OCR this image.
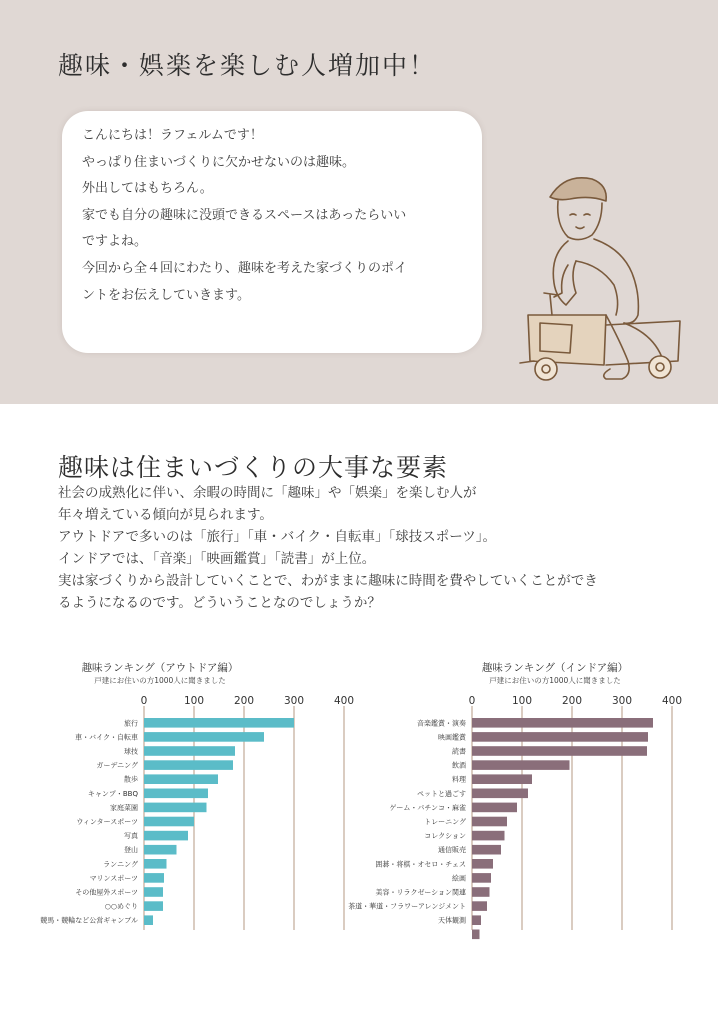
趣味・娯楽を楽しむ人増加中！
こんにちは！ラフェルムです！
やっぱり住まいづくりに欠かせないのは趣味。
外出してはもちろん。
家でも自分の趣味に没頭できるスペースはあったらいい
ですよね。
今回から全４回にわたり、趣味を考えた家づくりのポイ
ントをお伝えしていきます。
趣味は住まいづくりの大事な要素
社会の成熟化に伴い、余暇の時間に「趣味」や「娯楽」を楽しむ人が
年々増えている傾向が見られます。
アウトドアで多いのは「旅行」「車・バイク・自転車」「球技スポーツ」。
インドアでは、「音楽」「映画鑑賞」「読書」が上位。
実は家づくりから設計していくことで、わがままに趣味に時間を費やしていくことができ
るようになるのです。どういうことなのでしょうか？
趣味ランキング（アウトドア編）
戸建にお住いの方1000人に聞きました
0	100	200	300	400
旅行
車・バイク・自転車
球技
ガーデニング
散歩
キャンプ・BBQ
家庭菜園
ウィンタースポーツ
写真
登山
ランニング
マリンスポーツ
その他屋外スポーツ
○○めぐり
競馬・競輪など公営ギャンブル
趣味ランキング（インドア編）
戸建にお住いの方1000人に聞きました
0	100	200	300	400
音楽鑑賞・演奏
映画鑑賞
読書
飲酒
料理
ペットと過ごす
ゲーム・パチンコ・麻雀
トレーニング
コレクション
通信販売
囲碁・将棋・オセロ・チェス
絵画
美容・リラクゼーション関連
茶道・華道・フラワーアレンジメント
天体観測
